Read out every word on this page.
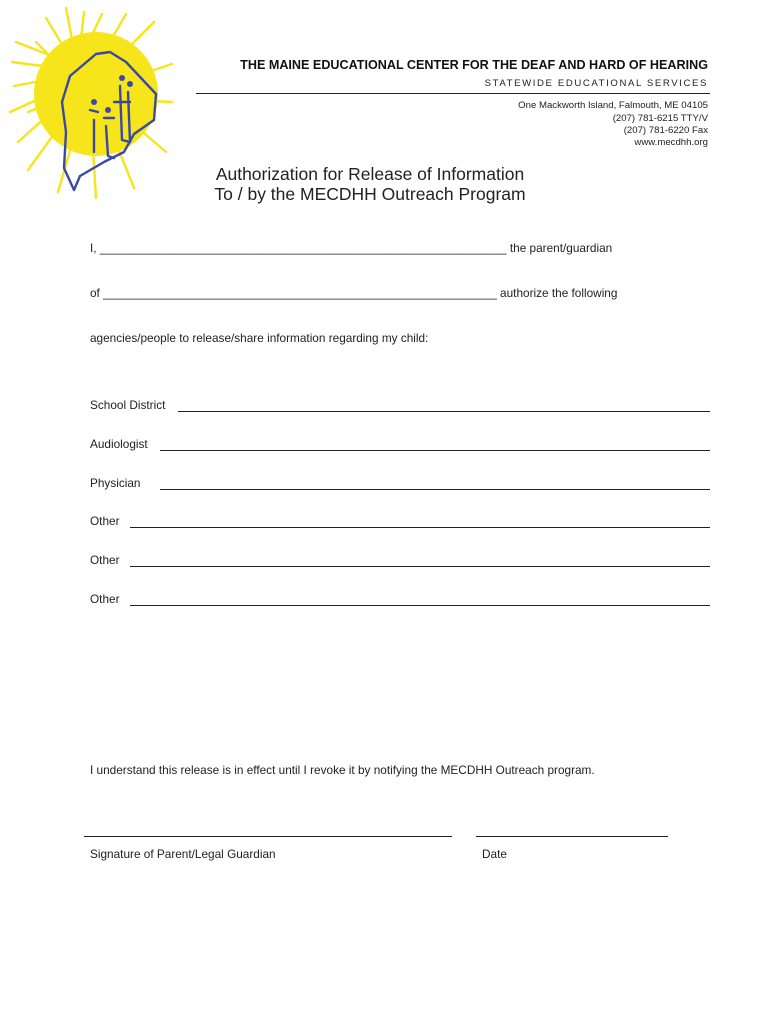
THE MAINE EDUCATIONAL CENTER FOR THE DEAF AND HARD OF HEARING
STATEWIDE EDUCATIONAL SERVICES
One Mackworth Island, Falmouth, ME 04105
(207) 781-6215 TTY/V
(207) 781-6220 Fax
www.mecdhh.org
Authorization for Release of Information
To / by the MECDHH Outreach Program
I, ______________________________________________________________ the parent/guardian
of ____________________________________________________________ authorize the following
agencies/people to release/share information regarding my child:
School District
Audiologist
Physician
Other
Other
Other
I understand this release is in effect until I revoke it by notifying the MECDHH Outreach program.
Signature of Parent/Legal Guardian	Date
